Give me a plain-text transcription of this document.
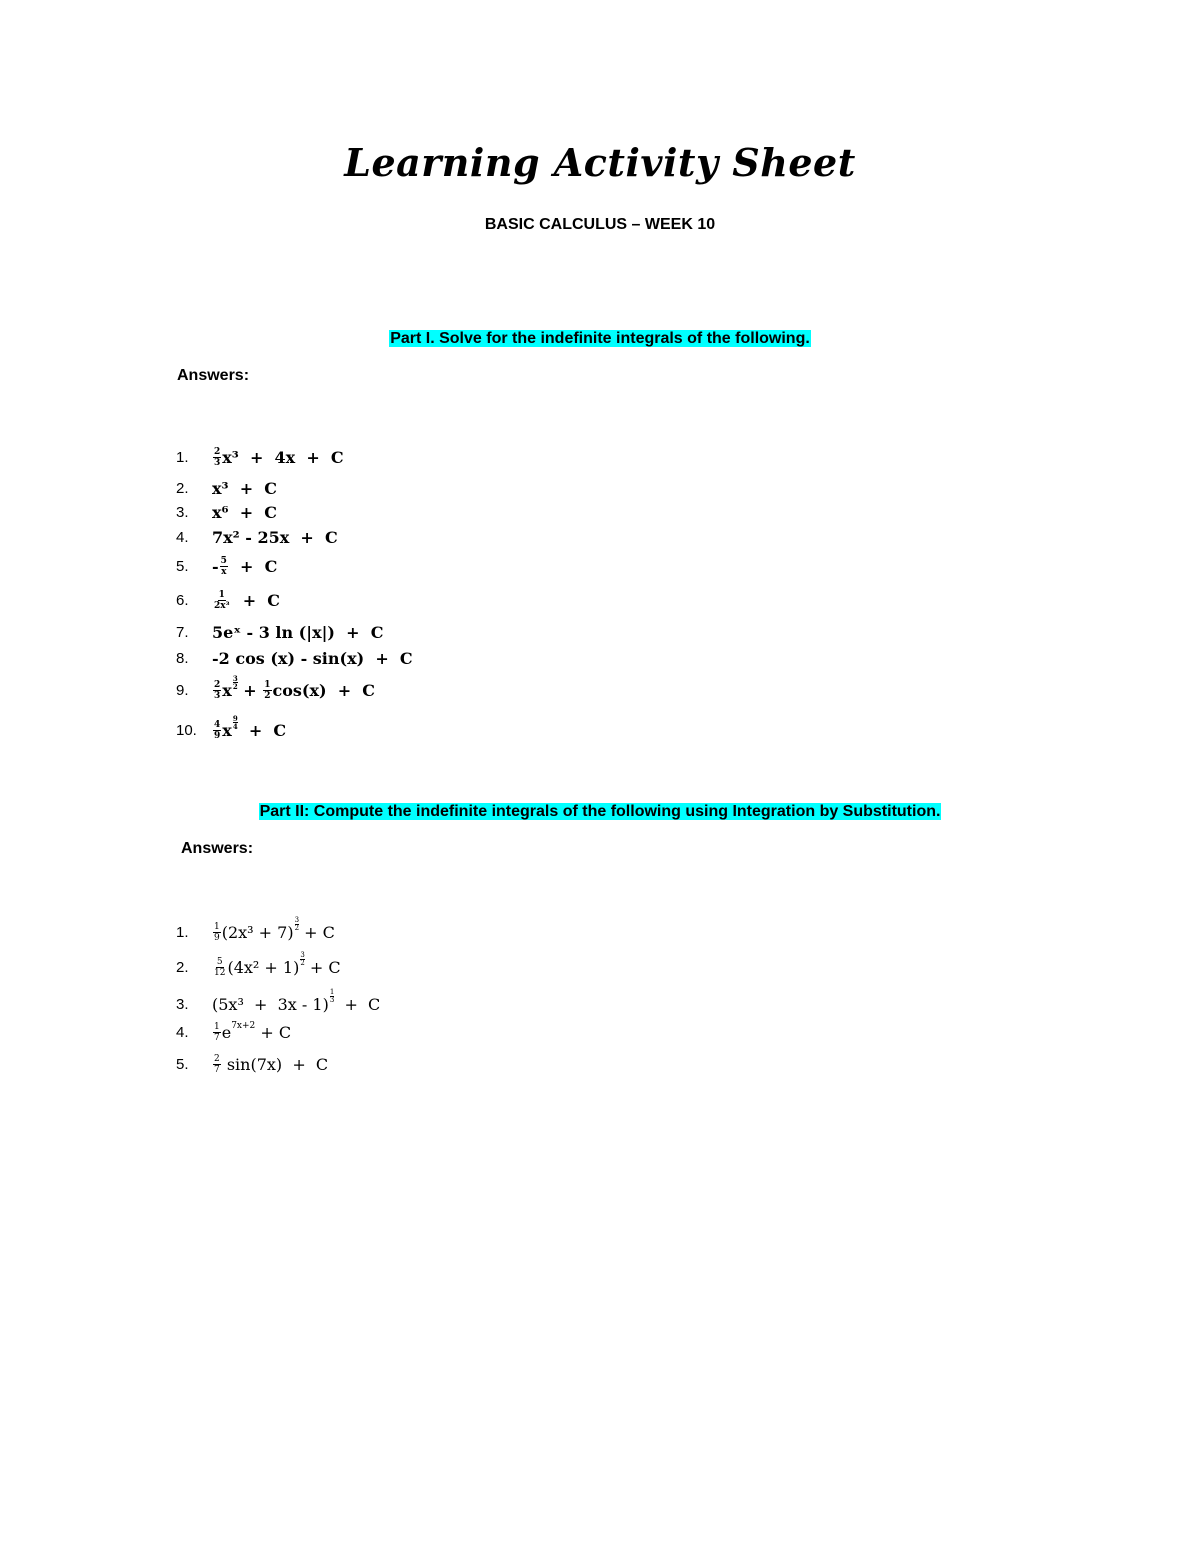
Learning Activity Sheet
BASIC CALCULUS – WEEK 10
Part I. Solve for the indefinite integrals of the following.
Answers:
1.	$\frac{2}{3} x^3 + 4x + C$
2.	x³  +  C
3.	x⁶  +  C
4.	7x² - 25x  +  C
5.	- $\frac{5}{x} + C$
6.	$\frac{1}{\text{2x³}} + C$
7.	5eˣ - 3 ln (|x|)  +  C
8.	-2 cos (x) - sin(x)  +  C
9.	$\frac{2}{3}$ x $^{\frac{3}{2}} + \frac{1}{2} \cos(x) + C$
10.	$\frac{4}{9}$ x $^{\frac{9}{4}}$ +  C
Part II: Compute the indefinite integrals of the following using Integration by Substitution.
Answers:
1.	$\frac{1}{9} (2x^3 + 7) ^{\frac{3}{2}} + C$
2.	$\frac{5}{12} (4x^2 + 1) ^{\frac{3}{2}} + C$
3.	(5x³  +  3x - 1) $^{\frac{1}{3}}$ +  C
4.	$\frac{1}{7} e^{7x+2} + C$
5.	$\frac{2}{7} \sin(7x) + C$
